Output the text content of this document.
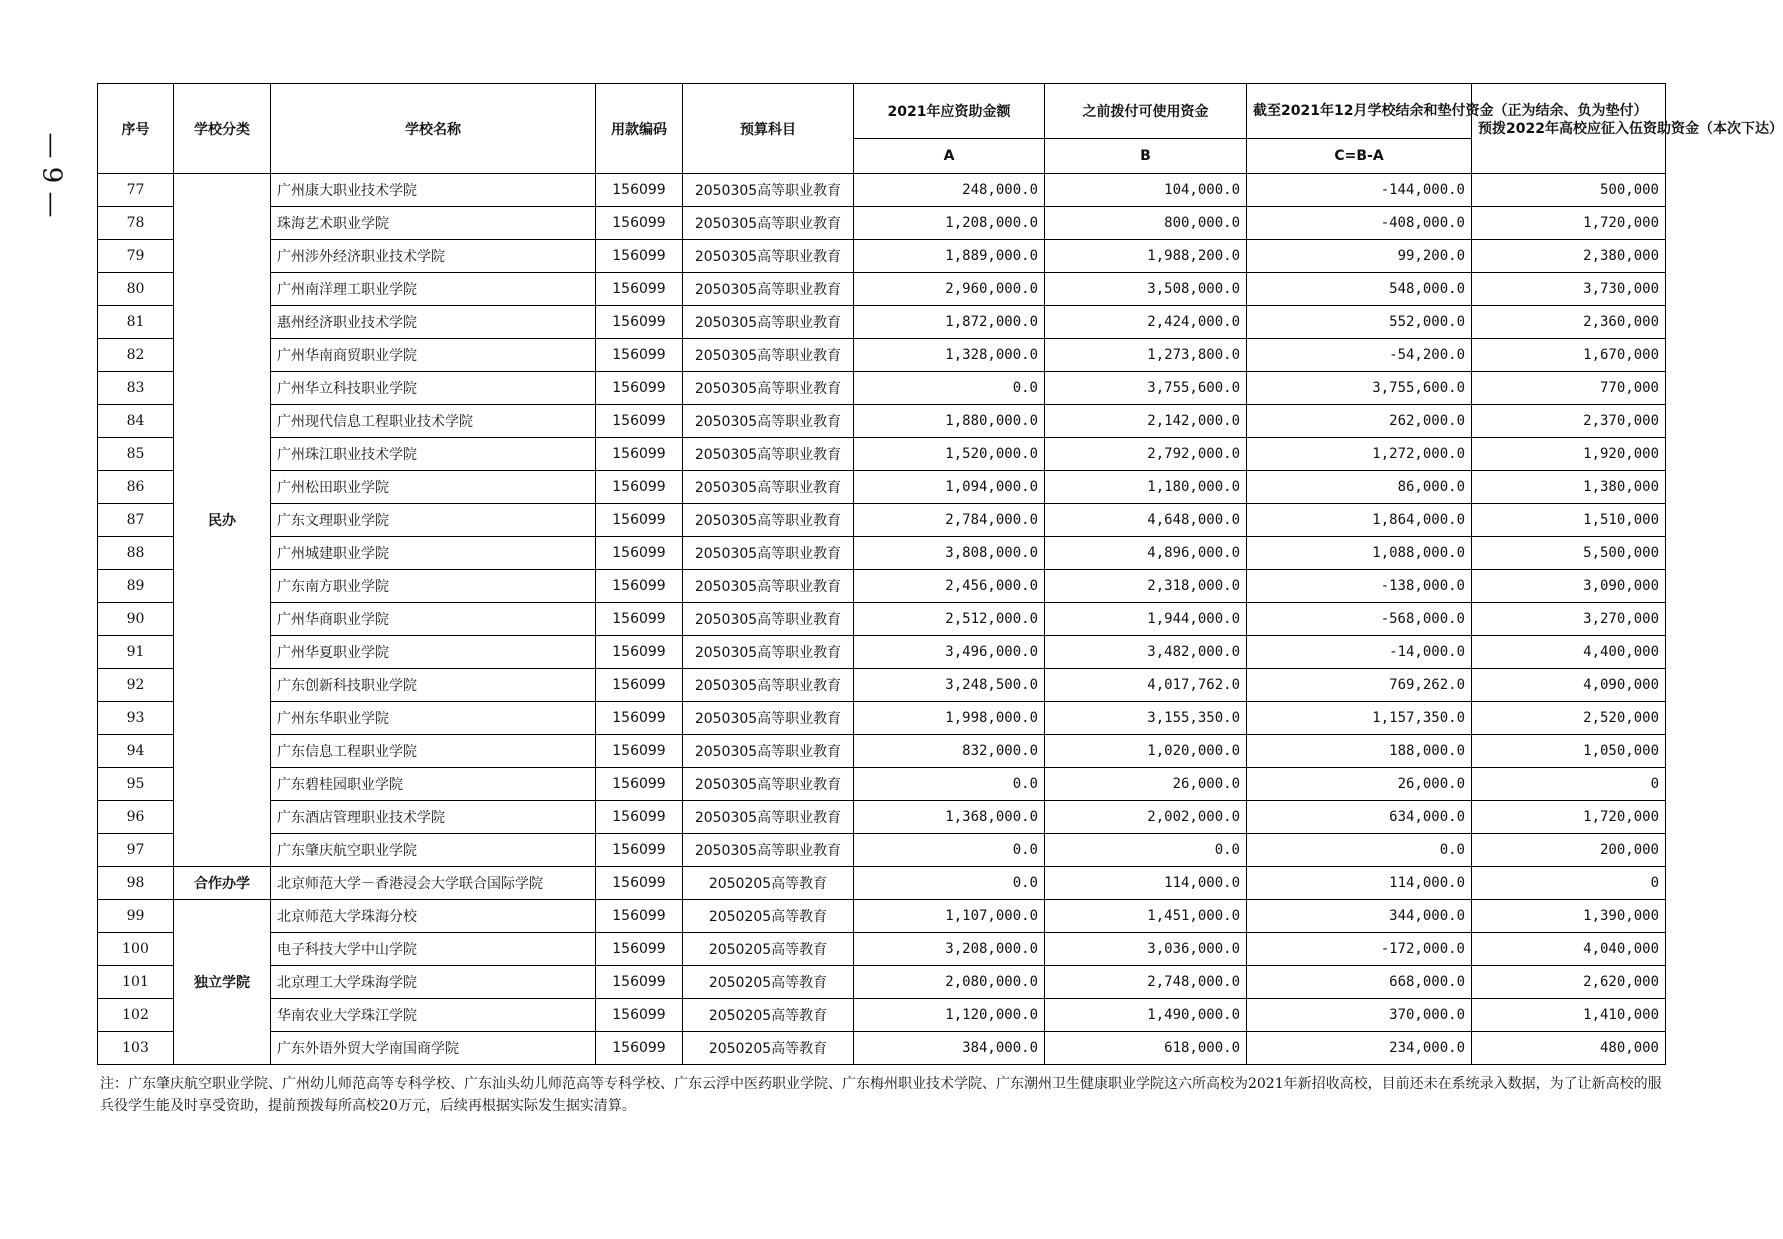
— 9 —
序号	学校分类	学校名称	用款编码	预算科目	2021年应资助金额	之前拨付可使用资金	截至2021年12月学校结余和垫付资金（正为结余、负为垫付）	预拨2022年高校应征入伍资助资金（本次下达）
					A	B	C=B-A	
77	民办	广州康大职业技术学院	156099	2050305高等职业教育	248,000.0	104,000.0	-144,000.0	500,000
78		珠海艺术职业学院	156099	2050305高等职业教育	1,208,000.0	800,000.0	-408,000.0	1,720,000
79		广州涉外经济职业技术学院	156099	2050305高等职业教育	1,889,000.0	1,988,200.0	99,200.0	2,380,000
80		广州南洋理工职业学院	156099	2050305高等职业教育	2,960,000.0	3,508,000.0	548,000.0	3,730,000
81		惠州经济职业技术学院	156099	2050305高等职业教育	1,872,000.0	2,424,000.0	552,000.0	2,360,000
82		广州华南商贸职业学院	156099	2050305高等职业教育	1,328,000.0	1,273,800.0	-54,200.0	1,670,000
83		广州华立科技职业学院	156099	2050305高等职业教育	0.0	3,755,600.0	3,755,600.0	770,000
84		广州现代信息工程职业技术学院	156099	2050305高等职业教育	1,880,000.0	2,142,000.0	262,000.0	2,370,000
85		广州珠江职业技术学院	156099	2050305高等职业教育	1,520,000.0	2,792,000.0	1,272,000.0	1,920,000
86		广州松田职业学院	156099	2050305高等职业教育	1,094,000.0	1,180,000.0	86,000.0	1,380,000
87		广东文理职业学院	156099	2050305高等职业教育	2,784,000.0	4,648,000.0	1,864,000.0	1,510,000
88		广州城建职业学院	156099	2050305高等职业教育	3,808,000.0	4,896,000.0	1,088,000.0	5,500,000
89		广东南方职业学院	156099	2050305高等职业教育	2,456,000.0	2,318,000.0	-138,000.0	3,090,000
90		广州华商职业学院	156099	2050305高等职业教育	2,512,000.0	1,944,000.0	-568,000.0	3,270,000
91		广州华夏职业学院	156099	2050305高等职业教育	3,496,000.0	3,482,000.0	-14,000.0	4,400,000
92		广东创新科技职业学院	156099	2050305高等职业教育	3,248,500.0	4,017,762.0	769,262.0	4,090,000
93		广州东华职业学院	156099	2050305高等职业教育	1,998,000.0	3,155,350.0	1,157,350.0	2,520,000
94		广东信息工程职业学院	156099	2050305高等职业教育	832,000.0	1,020,000.0	188,000.0	1,050,000
95		广东碧桂园职业学院	156099	2050305高等职业教育	0.0	26,000.0	26,000.0	0
96		广东酒店管理职业技术学院	156099	2050305高等职业教育	1,368,000.0	2,002,000.0	634,000.0	1,720,000
97		广东肇庆航空职业学院	156099	2050305高等职业教育	0.0	0.0	0.0	200,000
98	合作办学	北京师范大学－香港浸会大学联合国际学院	156099	2050205高等教育	0.0	114,000.0	114,000.0	0
99	独立学院	北京师范大学珠海分校	156099	2050205高等教育	1,107,000.0	1,451,000.0	344,000.0	1,390,000
100		电子科技大学中山学院	156099	2050205高等教育	3,208,000.0	3,036,000.0	-172,000.0	4,040,000
101		北京理工大学珠海学院	156099	2050205高等教育	2,080,000.0	2,748,000.0	668,000.0	2,620,000
102		华南农业大学珠江学院	156099	2050205高等教育	1,120,000.0	1,490,000.0	370,000.0	1,410,000
103		广东外语外贸大学南国商学院	156099	2050205高等教育	384,000.0	618,000.0	234,000.0	480,000
注：广东肇庆航空职业学院、广州幼儿师范高等专科学校、广东汕头幼儿师范高等专科学校、广东云浮中医药职业学院、广东梅州职业技术学院、广东潮州卫生健康职业学院这六所高校为2021年新招收高校，目前还未在系统录入数据，为了让新高校的服兵役学生能及时享受资助，提前预拨每所高校20万元，后续再根据实际发生据实清算。
